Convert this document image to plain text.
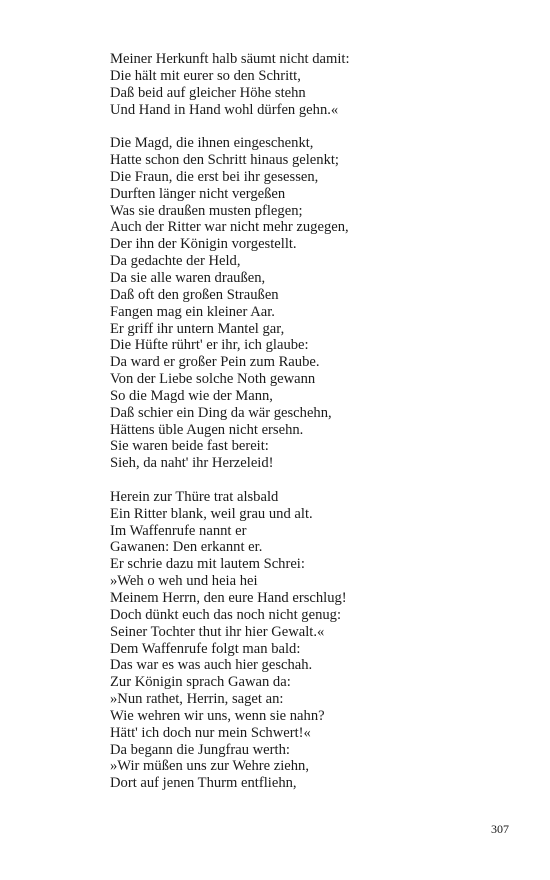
Meiner Herkunft halb säumt nicht damit:
Die hält mit eurer so den Schritt,
Daß beid auf gleicher Höhe stehn
Und Hand in Hand wohl dürfen gehn.«
Die Magd, die ihnen eingeschenkt,
Hatte schon den Schritt hinaus gelenkt;
Die Fraun, die erst bei ihr gesessen,
Durften länger nicht vergeßen
Was sie draußen musten pflegen;
Auch der Ritter war nicht mehr zugegen,
Der ihn der Königin vorgestellt.
Da gedachte der Held,
Da sie alle waren draußen,
Daß oft den großen Straußen
Fangen mag ein kleiner Aar.
Er griff ihr untern Mantel gar,
Die Hüfte rührt' er ihr, ich glaube:
Da ward er großer Pein zum Raube.
Von der Liebe solche Noth gewann
So die Magd wie der Mann,
Daß schier ein Ding da wär geschehn,
Hättens üble Augen nicht ersehn.
Sie waren beide fast bereit:
Sieh, da naht' ihr Herzeleid!
Herein zur Thüre trat alsbald
Ein Ritter blank, weil grau und alt.
Im Waffenrufe nannt er
Gawanen: Den erkannt er.
Er schrie dazu mit lautem Schrei:
»Weh o weh und heia hei
Meinem Herrn, den eure Hand erschlug!
Doch dünkt euch das noch nicht genug:
Seiner Tochter thut ihr hier Gewalt.«
Dem Waffenrufe folgt man bald:
Das war es was auch hier geschah.
Zur Königin sprach Gawan da:
»Nun rathet, Herrin, saget an:
Wie wehren wir uns, wenn sie nahn?
Hätt' ich doch nur mein Schwert!«
Da begann die Jungfrau werth:
»Wir müßen uns zur Wehre ziehn,
Dort auf jenen Thurm entfliehn,
307
